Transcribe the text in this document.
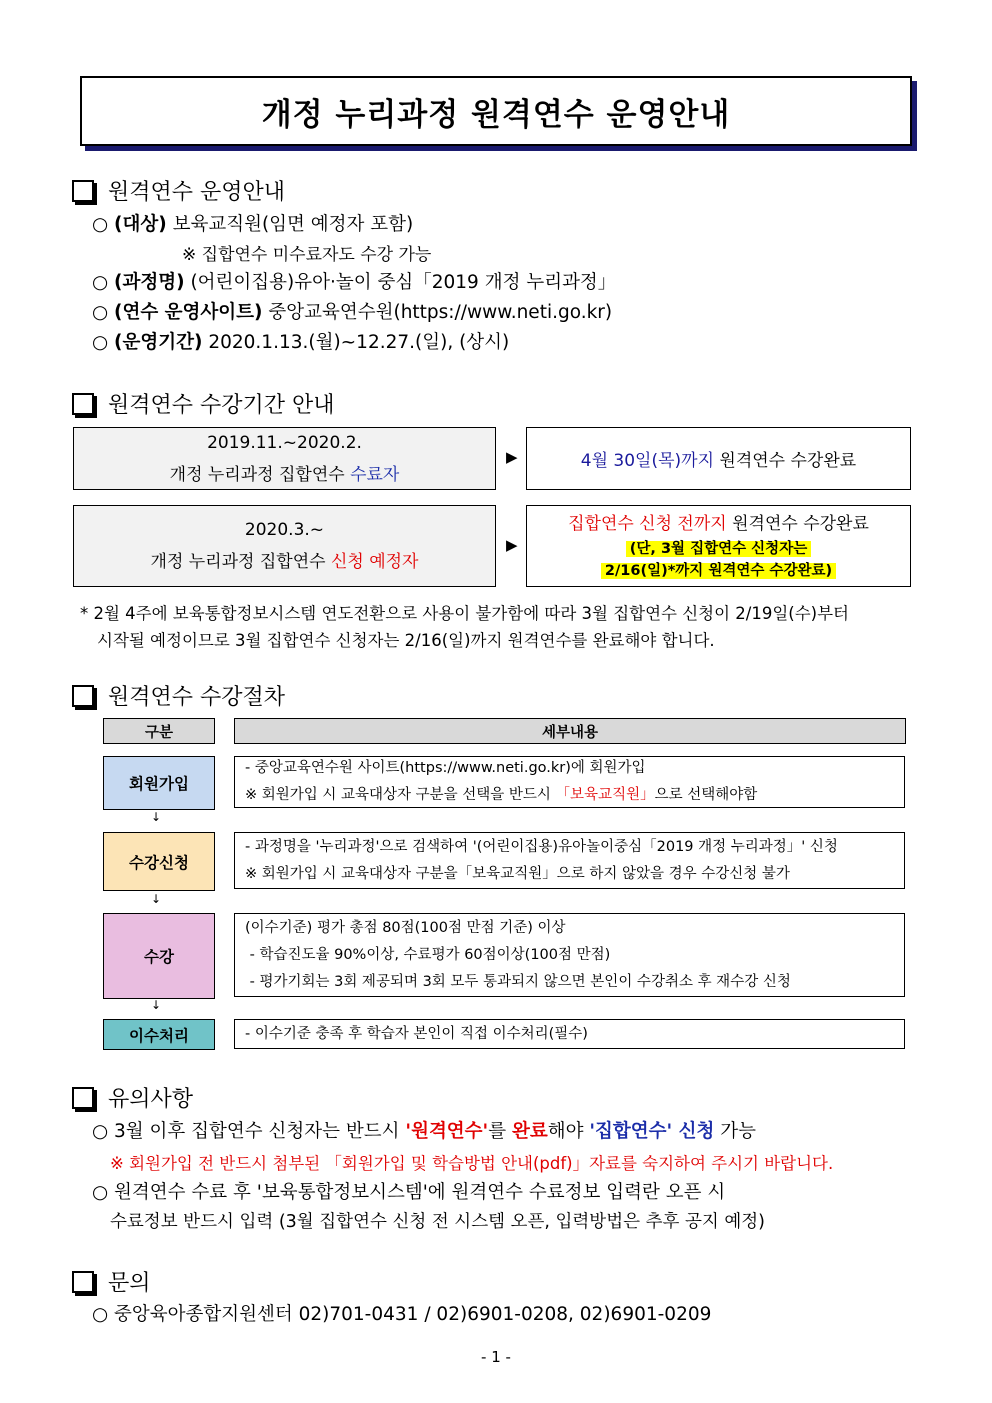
개정 누리과정 원격연수 운영안내
원격연수 운영안내
○ (대상) 보육교직원(임면 예정자 포함)
※ 집합연수 미수료자도 수강 가능
○ (과정명) (어린이집용)유아·놀이 중심「2019 개정 누리과정」
○ (연수 운영사이트) 중앙교육연수원(https://www.neti.go.kr)
○ (운영기간) 2020.1.13.(월)~12.27.(일), (상시)
원격연수 수강기간 안내
2019.11.~2020.2.
개정 누리과정 집합연수 수료자
▶	4월 30일(목)까지 원격연수 수강완료
2020.3.~
개정 누리과정 집합연수 신청 예정자
▶
집합연수 신청 전까지 원격연수 수강완료
(단, 3월 집합연수 신청자는
2/16(일)*까지 원격연수 수강완료)
* 2월 4주에 보육통합정보시스템 연도전환으로 사용이 불가함에 따라 3월 집합연수 신청이 2/19일(수)부터
시작될 예정이므로 3월 집합연수 신청자는 2/16(일)까지 원격연수를 완료해야 합니다.
원격연수 수강절차
구분	세부내용
회원가입
- 중앙교육연수원 사이트(https://www.neti.go.kr)에 회원가입
※ 회원가입 시 교육대상자 구분을 선택을 반드시 「보육교직원」으로 선택해야함
↓
수강신청
- 과정명을 '누리과정'으로 검색하여 '(어린이집용)유아놀이중심「2019 개정 누리과정」' 신청
※ 회원가입 시 교육대상자 구분을「보육교직원」으로 하지 않았을 경우 수강신청 불가
↓
수강
(이수기준) 평가 총점 80점(100점 만점 기준) 이상
- 학습진도율 90%이상, 수료평가 60점이상(100점 만점)
- 평가기회는 3회 제공되며 3회 모두 통과되지 않으면 본인이 수강취소 후 재수강 신청
↓
이수처리	- 이수기준 충족 후 학습자 본인이 직접 이수처리(필수)
유의사항
○ 3월 이후 집합연수 신청자는 반드시 '원격연수'를 완료해야 '집합연수' 신청 가능
※ 회원가입 전 반드시 첨부된 「회원가입 및 학습방법 안내(pdf)」자료를 숙지하여 주시기 바랍니다.
○ 원격연수 수료 후 '보육통합정보시스템'에 원격연수 수료정보 입력란 오픈 시
수료정보 반드시 입력 (3월 집합연수 신청 전 시스템 오픈, 입력방법은 추후 공지 예정)
문의
○ 중앙육아종합지원센터 02)701-0431 / 02)6901-0208, 02)6901-0209
- 1 -
